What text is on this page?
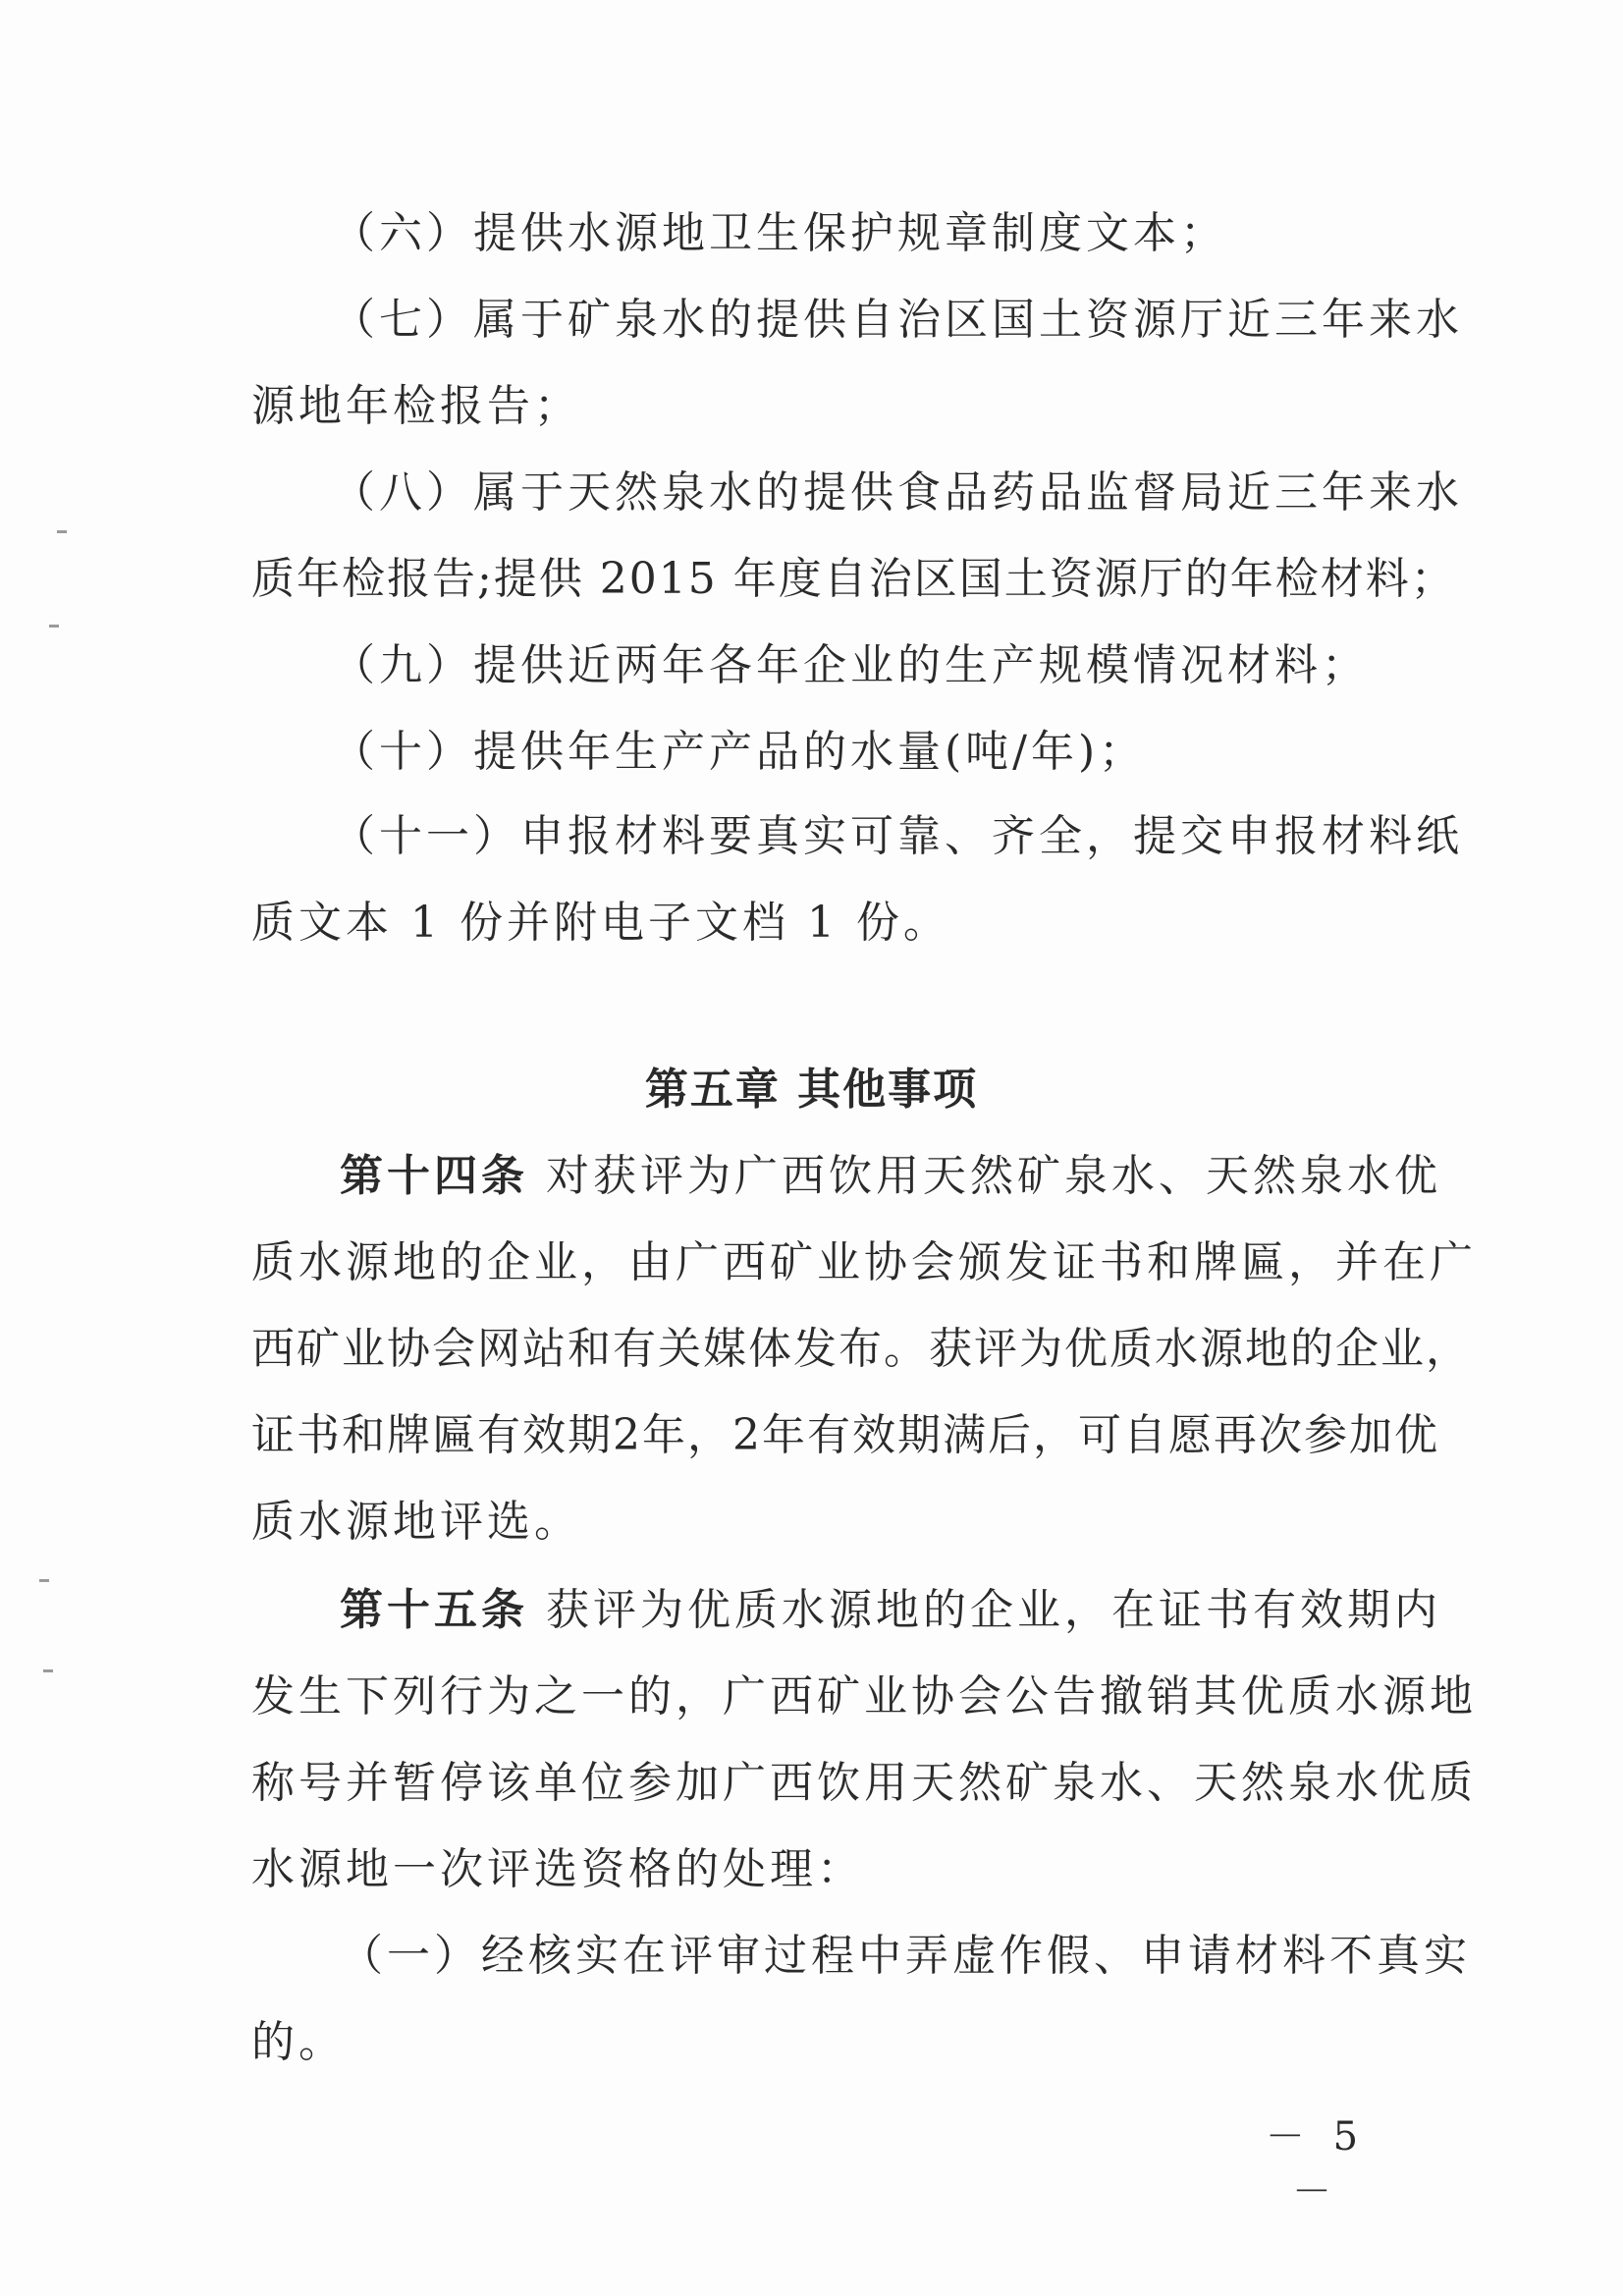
（六）提供水源地卫生保护规章制度文本；
（七）属于矿泉水的提供自治区国土资源厅近三年来水
源地年检报告；
（八）属于天然泉水的提供食品药品监督局近三年来水
质年检报告;提供 2015 年度自治区国土资源厅的年检材料；
（九）提供近两年各年企业的生产规模情况材料；
（十）提供年生产产品的水量(吨/年)；
（十一）申报材料要真实可靠、齐全，提交申报材料纸
质文本 1 份并附电子文档 1 份。
第五章 其他事项
第十四条 对获评为广西饮用天然矿泉水、天然泉水优
质水源地的企业，由广西矿业协会颁发证书和牌匾，并在广
西矿业协会网站和有关媒体发布。获评为优质水源地的企业，
证书和牌匾有效期2年，2年有效期满后，可自愿再次参加优
质水源地评选。
第十五条 获评为优质水源地的企业，在证书有效期内
发生下列行为之一的，广西矿业协会公告撤销其优质水源地
称号并暂停该单位参加广西饮用天然矿泉水、天然泉水优质
水源地一次评选资格的处理：
（一）经核实在评审过程中弄虚作假、申请材料不真实
的。
－ 5 －
